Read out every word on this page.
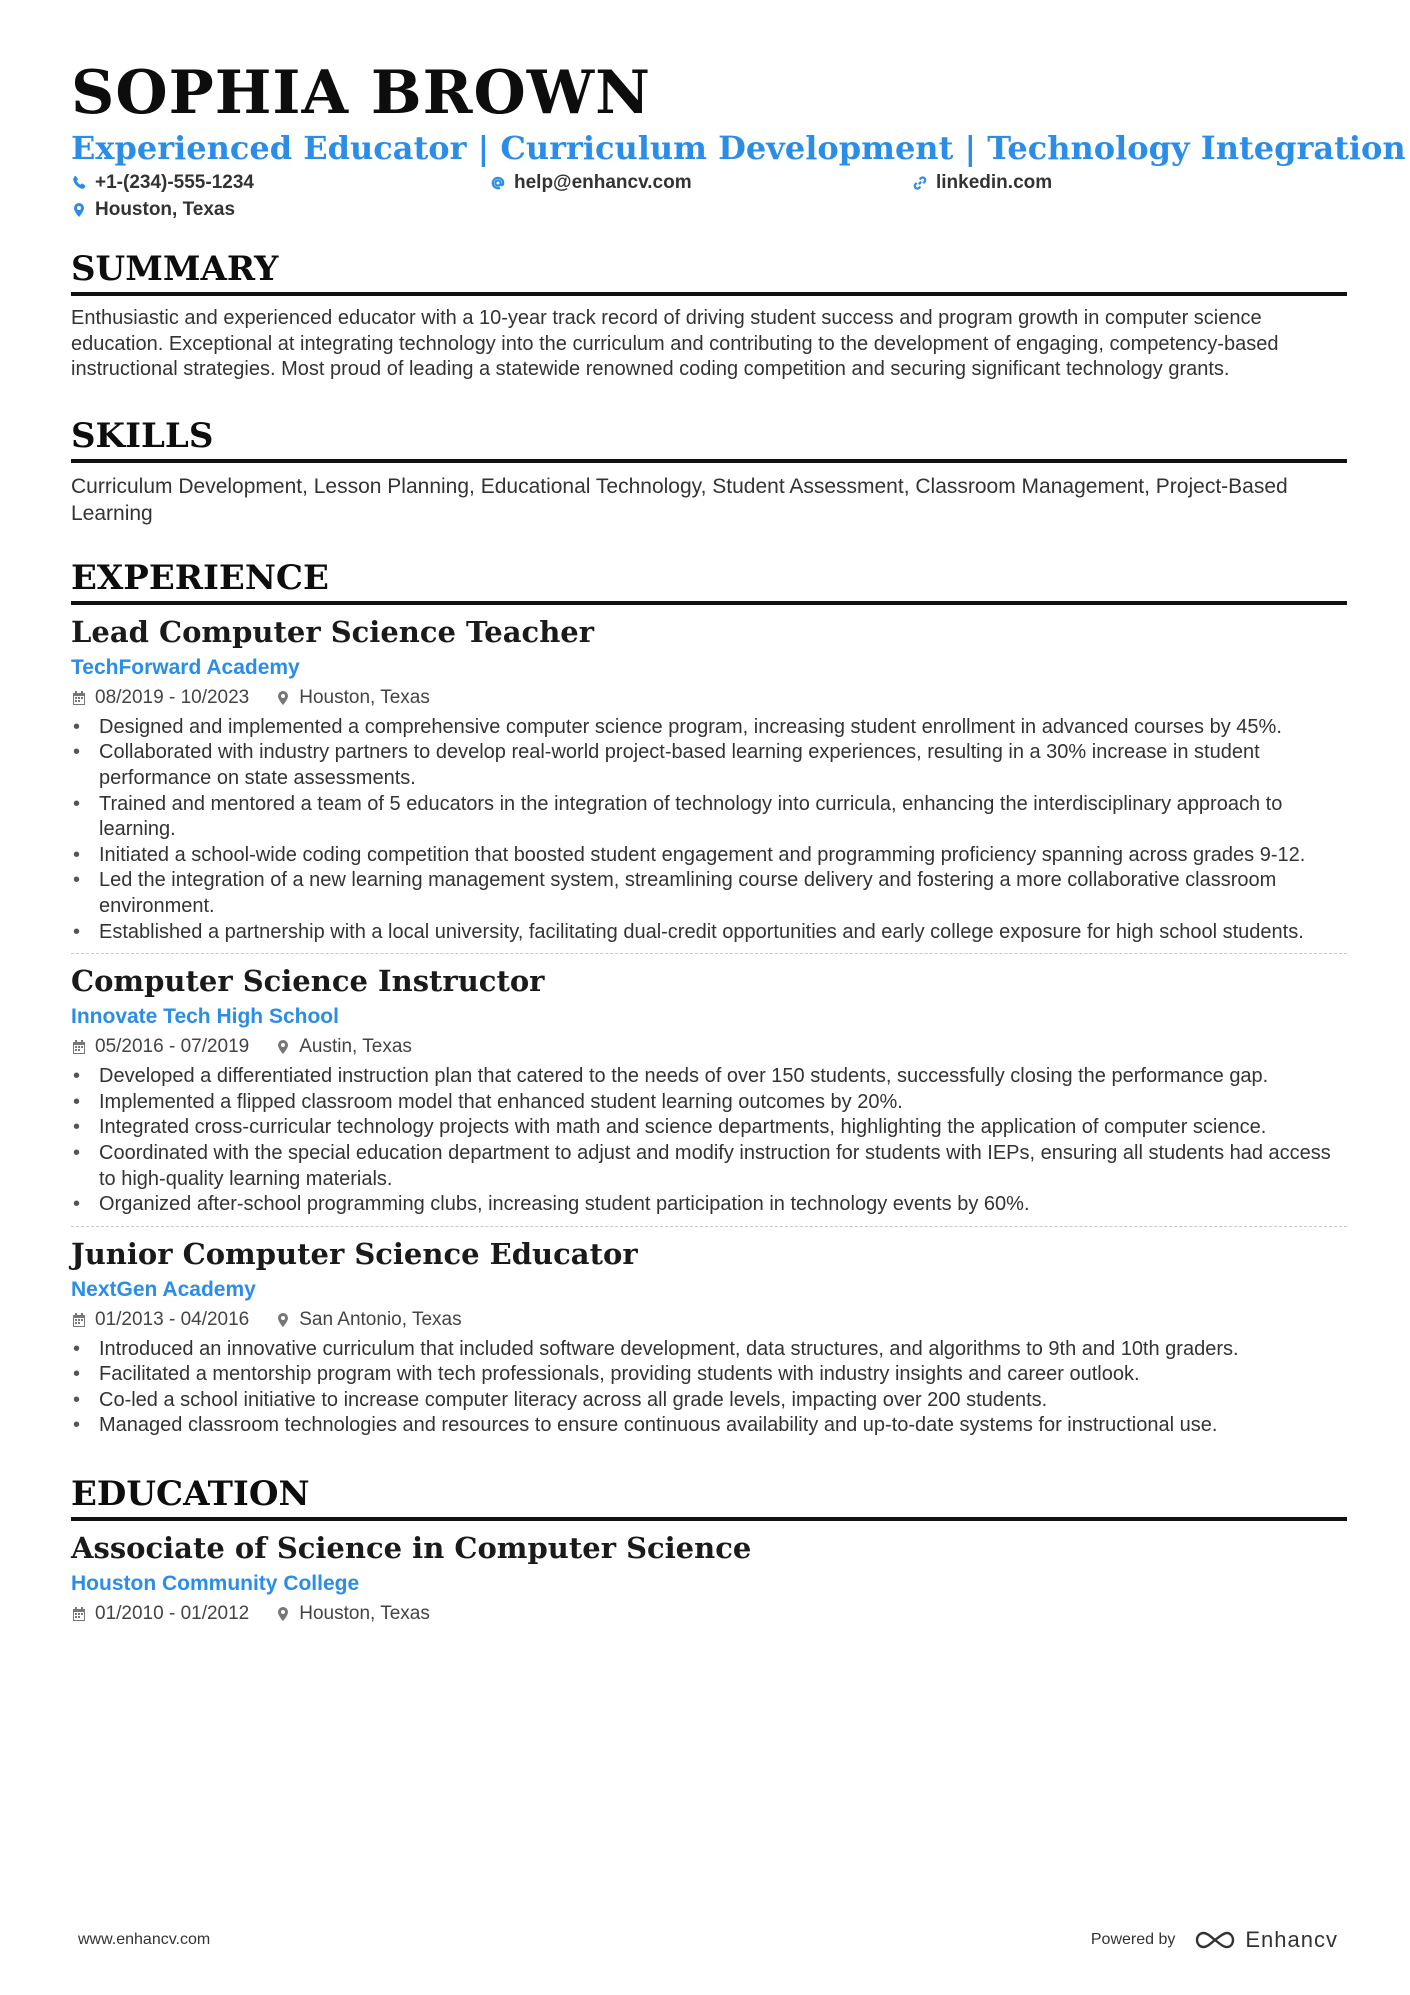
SOPHIA BROWN
Experienced Educator | Curriculum Development | Technology Integration
+1-(234)-555-1234	help@enhancv.com	linkedin.com
Houston, Texas
SUMMARY

Enthusiastic and experienced educator with a 10-year track record of driving student success and program growth in computer science education. Exceptional at integrating technology into the curriculum and contributing to the development of engaging, competency-based instructional strategies. Most proud of leading a statewide renowned coding competition and securing significant technology grants.

SKILLS

Curriculum Development, Lesson Planning, Educational Technology, Student Assessment, Classroom Management, Project-Based Learning

EXPERIENCE
Lead Computer Science Teacher
TechForward Academy
08/2019 - 10/2023	Houston, Texas
• Designed and implemented a comprehensive computer science program, increasing student enrollment in advanced courses by 45%.
• Collaborated with industry partners to develop real-world project-based learning experiences, resulting in a 30% increase in student performance on state assessments.
• Trained and mentored a team of 5 educators in the integration of technology into curricula, enhancing the interdisciplinary approach to learning.
• Initiated a school-wide coding competition that boosted student engagement and programming proficiency spanning across grades 9-12.
• Led the integration of a new learning management system, streamlining course delivery and fostering a more collaborative classroom environment.
• Established a partnership with a local university, facilitating dual-credit opportunities and early college exposure for high school students.
Computer Science Instructor
Innovate Tech High School
05/2016 - 07/2019	Austin, Texas
• Developed a differentiated instruction plan that catered to the needs of over 150 students, successfully closing the performance gap.
• Implemented a flipped classroom model that enhanced student learning outcomes by 20%.
• Integrated cross-curricular technology projects with math and science departments, highlighting the application of computer science.
• Coordinated with the special education department to adjust and modify instruction for students with IEPs, ensuring all students had access to high-quality learning materials.
• Organized after-school programming clubs, increasing student participation in technology events by 60%.
Junior Computer Science Educator
NextGen Academy
01/2013 - 04/2016	San Antonio, Texas
• Introduced an innovative curriculum that included software development, data structures, and algorithms to 9th and 10th graders.
• Facilitated a mentorship program with tech professionals, providing students with industry insights and career outlook.
• Co-led a school initiative to increase computer literacy across all grade levels, impacting over 200 students.
• Managed classroom technologies and resources to ensure continuous availability and up-to-date systems for instructional use.
EDUCATION
Associate of Science in Computer Science
Houston Community College
01/2010 - 01/2012	Houston, Texas
www.enhancv.com	Powered by	Enhancv
